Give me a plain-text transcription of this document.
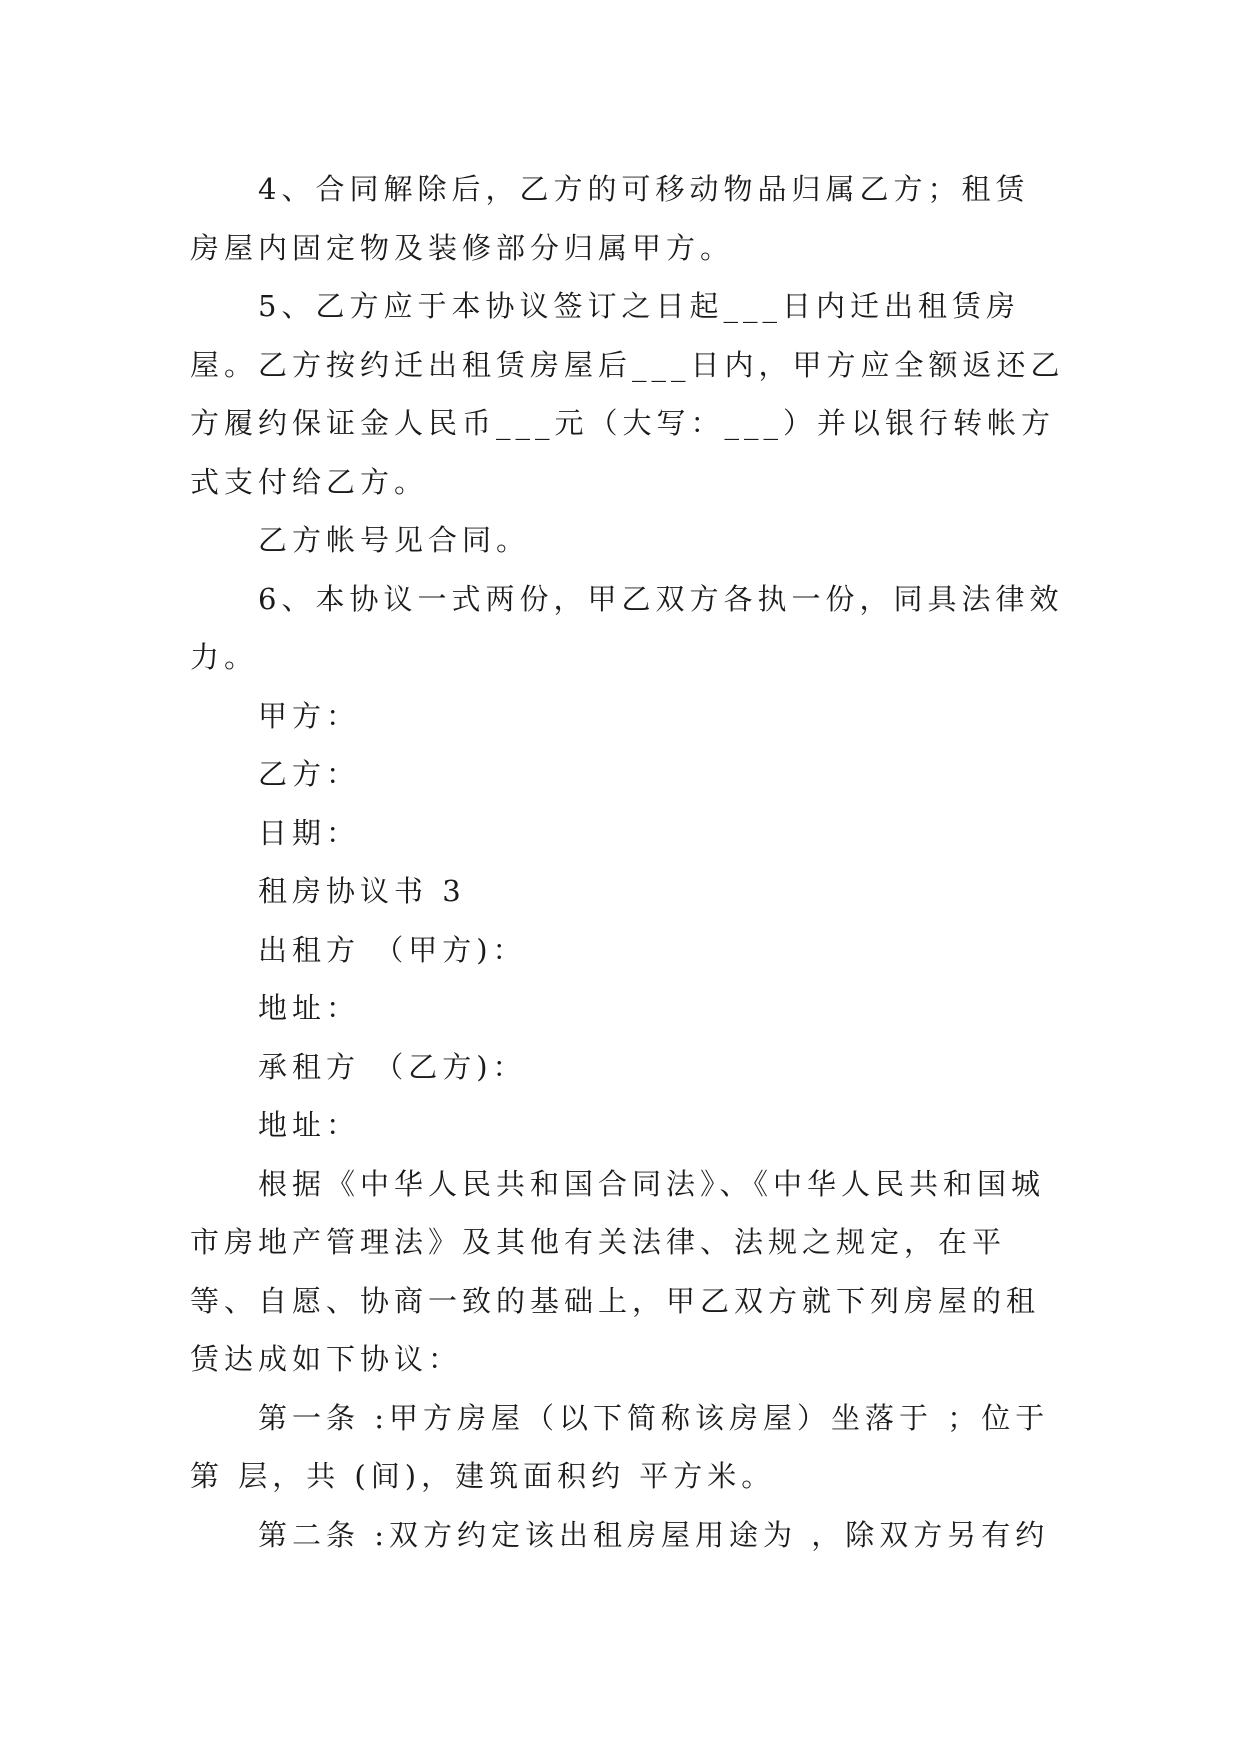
4、合同解除后，乙方的可移动物品归属乙方；租赁 房屋内固定物及装修部分归属甲方。

5、乙方应于本协议签订之日起___日内迁出租赁房屋。乙方按约迁出租赁房屋后___日内，甲方应全额返还乙方履约保证金人民币___元（大写：___）并以银行转帐方式支付给乙方。

乙方帐号见合同。

6、本协议一式两份，甲乙双方各执一份，同具法律效力。

甲方：

乙方：

日期：

租房协议书 3

出租方 （甲方)：

地址：

承租方 （乙方)：

地址：

根据《中华人民共和国合同法》、《中华人民共和国城市房地产管理法》及其他有关法律、法规之规定，在平等、自愿、协商一致的基础上，甲乙双方就下列房屋的租赁达成如下协议：

第一条 :甲方房屋（以下简称该房屋）坐落于 ；位于第 层，共 (间)，建筑面积约 平方米。

第二条 :双方约定该出租房屋用途为 ，除双方另有约
